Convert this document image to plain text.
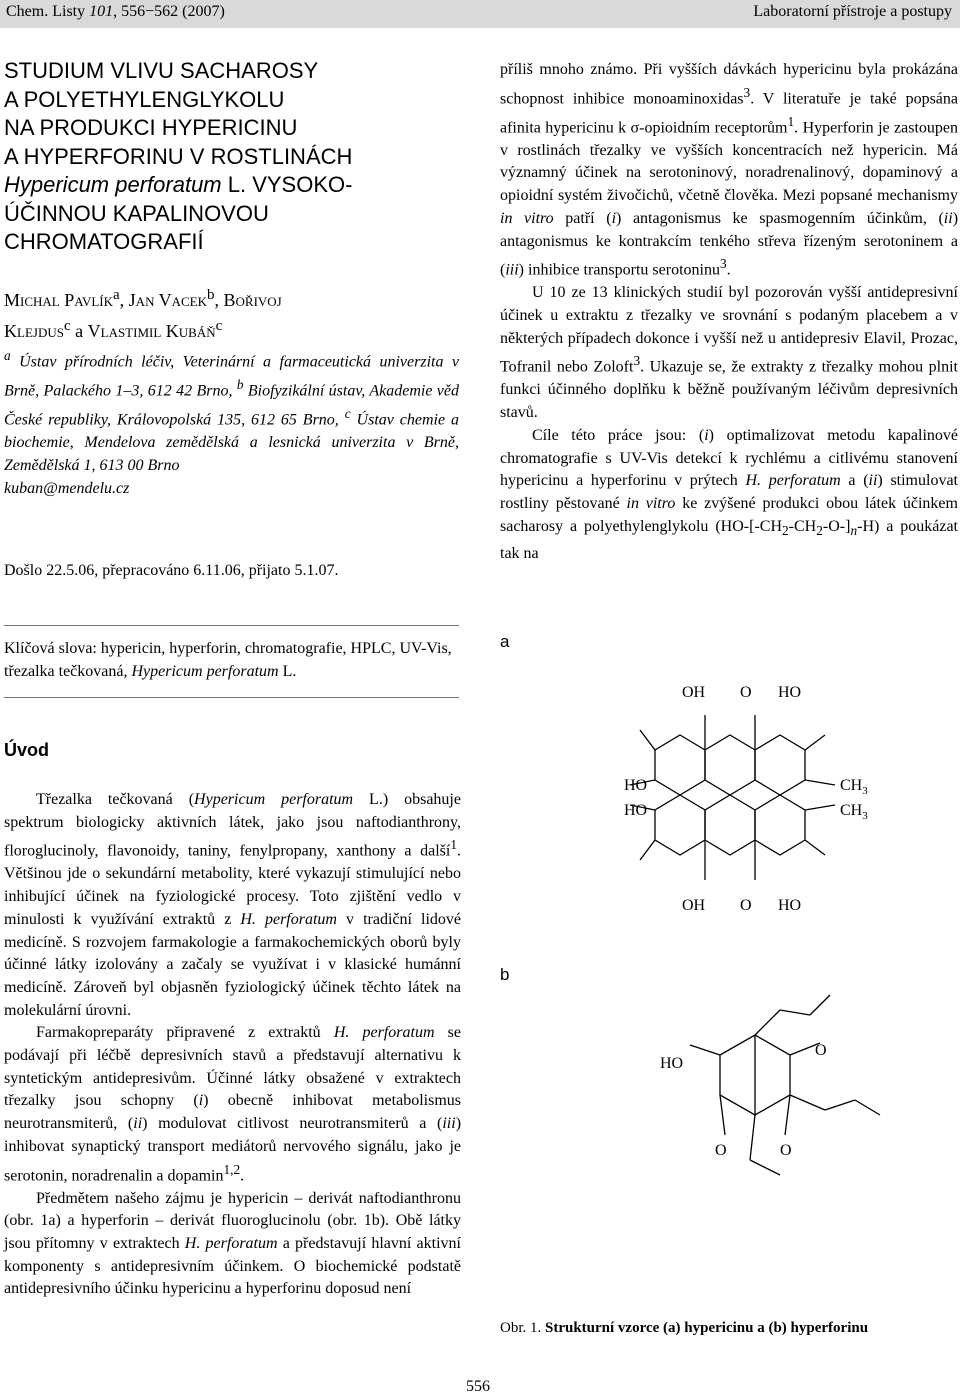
Chem. Listy 101, 556−562 (2007)	Laboratorní přístroje a postupy
STUDIUM VLIVU SACHAROSY
A POLYETHYLENGLYKOLU
NA PRODUKCI HYPERICINU
A HYPERFORINU V ROSTLINÁCH
Hypericum perforatum L. VYSOKO-
ÚČINNOU KAPALINOVOU
CHROMATOGRAFIÍ
Michal Pavlík$^a$, Jan Vacek$^b$, Bořivoj
Klejdus$^c$ a Vlastimil Kubáň$^c$
$^a$ Ústav přírodních léčiv, Veterinární a farmaceutická univerzita v Brně, Palackého 1–3, 612 42 Brno, $^b$ Biofyzikální ústav, Akademie věd České republiky, Královopolská 135, 612 65 Brno, $^c$ Ústav chemie a biochemie, Mendelova zemědělská a lesnická univerzita v Brně, Zemědělská 1, 613 00 Brno
kuban@mendelu.cz
Došlo 22.5.06, přepracováno 6.11.06, přijato 5.1.07.
Klíčová slova: hypericin, hyperforin, chromatografie, HPLC, UV-Vis, třezalka tečkovaná, Hypericum perforatum L.
Úvod

Třezalka tečkovaná (Hypericum perforatum L.) obsahuje spektrum biologicky aktivních látek, jako jsou naftodianthrony, floroglucinoly, flavonoidy, taniny, fenylpropany, xanthony a další$^1$. Většinou jde o sekundární metabolity, které vykazují stimulující nebo inhibující účinek na fyziologické procesy. Toto zjištění vedlo v minulosti k využívání extraktů z H. perforatum v tradiční lidové medicíně. S rozvojem farmakologie a farmakochemických oborů byly účinné látky izolovány a začaly se využívat i v klasické humánní medicíně. Zároveň byl objasněn fyziologický účinek těchto látek na molekulární úrovni.

Farmakopreparáty připravené z extraktů H. perforatum se podávají při léčbě depresivních stavů a představují alternativu k syntetickým antidepresivům. Účinné látky obsažené v extraktech třezalky jsou schopny (i) obecně inhibovat metabolismus neurotransmiterů, (ii) modulovat citlivost neurotransmiterů a (iii) inhibovat synaptický transport mediátorů nervového signálu, jako je serotonin, noradrenalin a dopamin$^{1,2}$.

Předmětem našeho zájmu je hypericin – derivát naftodianthronu (obr. 1a) a hyperforin – derivát fluoroglucinolu (obr. 1b). Obě látky jsou přítomny v extraktech H. perforatum a představují hlavní aktivní komponenty s antidepresivním účinkem. O biochemické podstatě antidepresivního účinku hypericinu a hyperforinu doposud není

příliš mnoho známo. Při vyšších dávkách hypericinu byla prokázána schopnost inhibice monoaminoxidas$^3$. V literatuře je také popsána afinita hypericinu k σ-opioidním receptorům$^1$. Hyperforin je zastoupen v rostlinách třezalky ve vyšších koncentracích než hypericin. Má významný účinek na serotoninový, noradrenalinový, dopaminový a opioidní systém živočichů, včetně člověka. Mezi popsané mechanismy in vitro patří (i) antagonismus ke spasmogenním účinkům, (ii) antagonismus ke kontrakcím tenkého střeva řízeným serotoninem a (iii) inhibice transportu serotoninu$^3$.

U 10 ze 13 klinických studií byl pozorován vyšší antidepresivní účinek u extraktu z třezalky ve srovnání s podaným placebem a v některých případech dokonce i vyšší než u antidepresiv Elavil, Prozac, Tofranil nebo Zoloft$^3$. Ukazuje se, že extrakty z třezalky mohou plnit funkci účinného doplňku k běžně používaným léčivům depresivních stavů.

Cíle této práce jsou: (i) optimalizovat metodu kapalinové chromatografie s UV-Vis detekcí k rychlému a citlivému stanovení hypericinu a hyperforinu v prýtech H. perforatum a (ii) stimulovat rostliny pěstované in vitro ke zvýšené produkci obou látek účinkem sacharosy a polyethylenglykolu $(HO-[-CH_2-CH_2-O-]_n-H)$ a poukázat tak na

a
OH O HO
HO
HO
$CH_3$
$CH_3$
OH O HO
b
HO
O
O	O
Obr. 1. Strukturní vzorce (a) hypericinu a (b) hyperforinu
556
